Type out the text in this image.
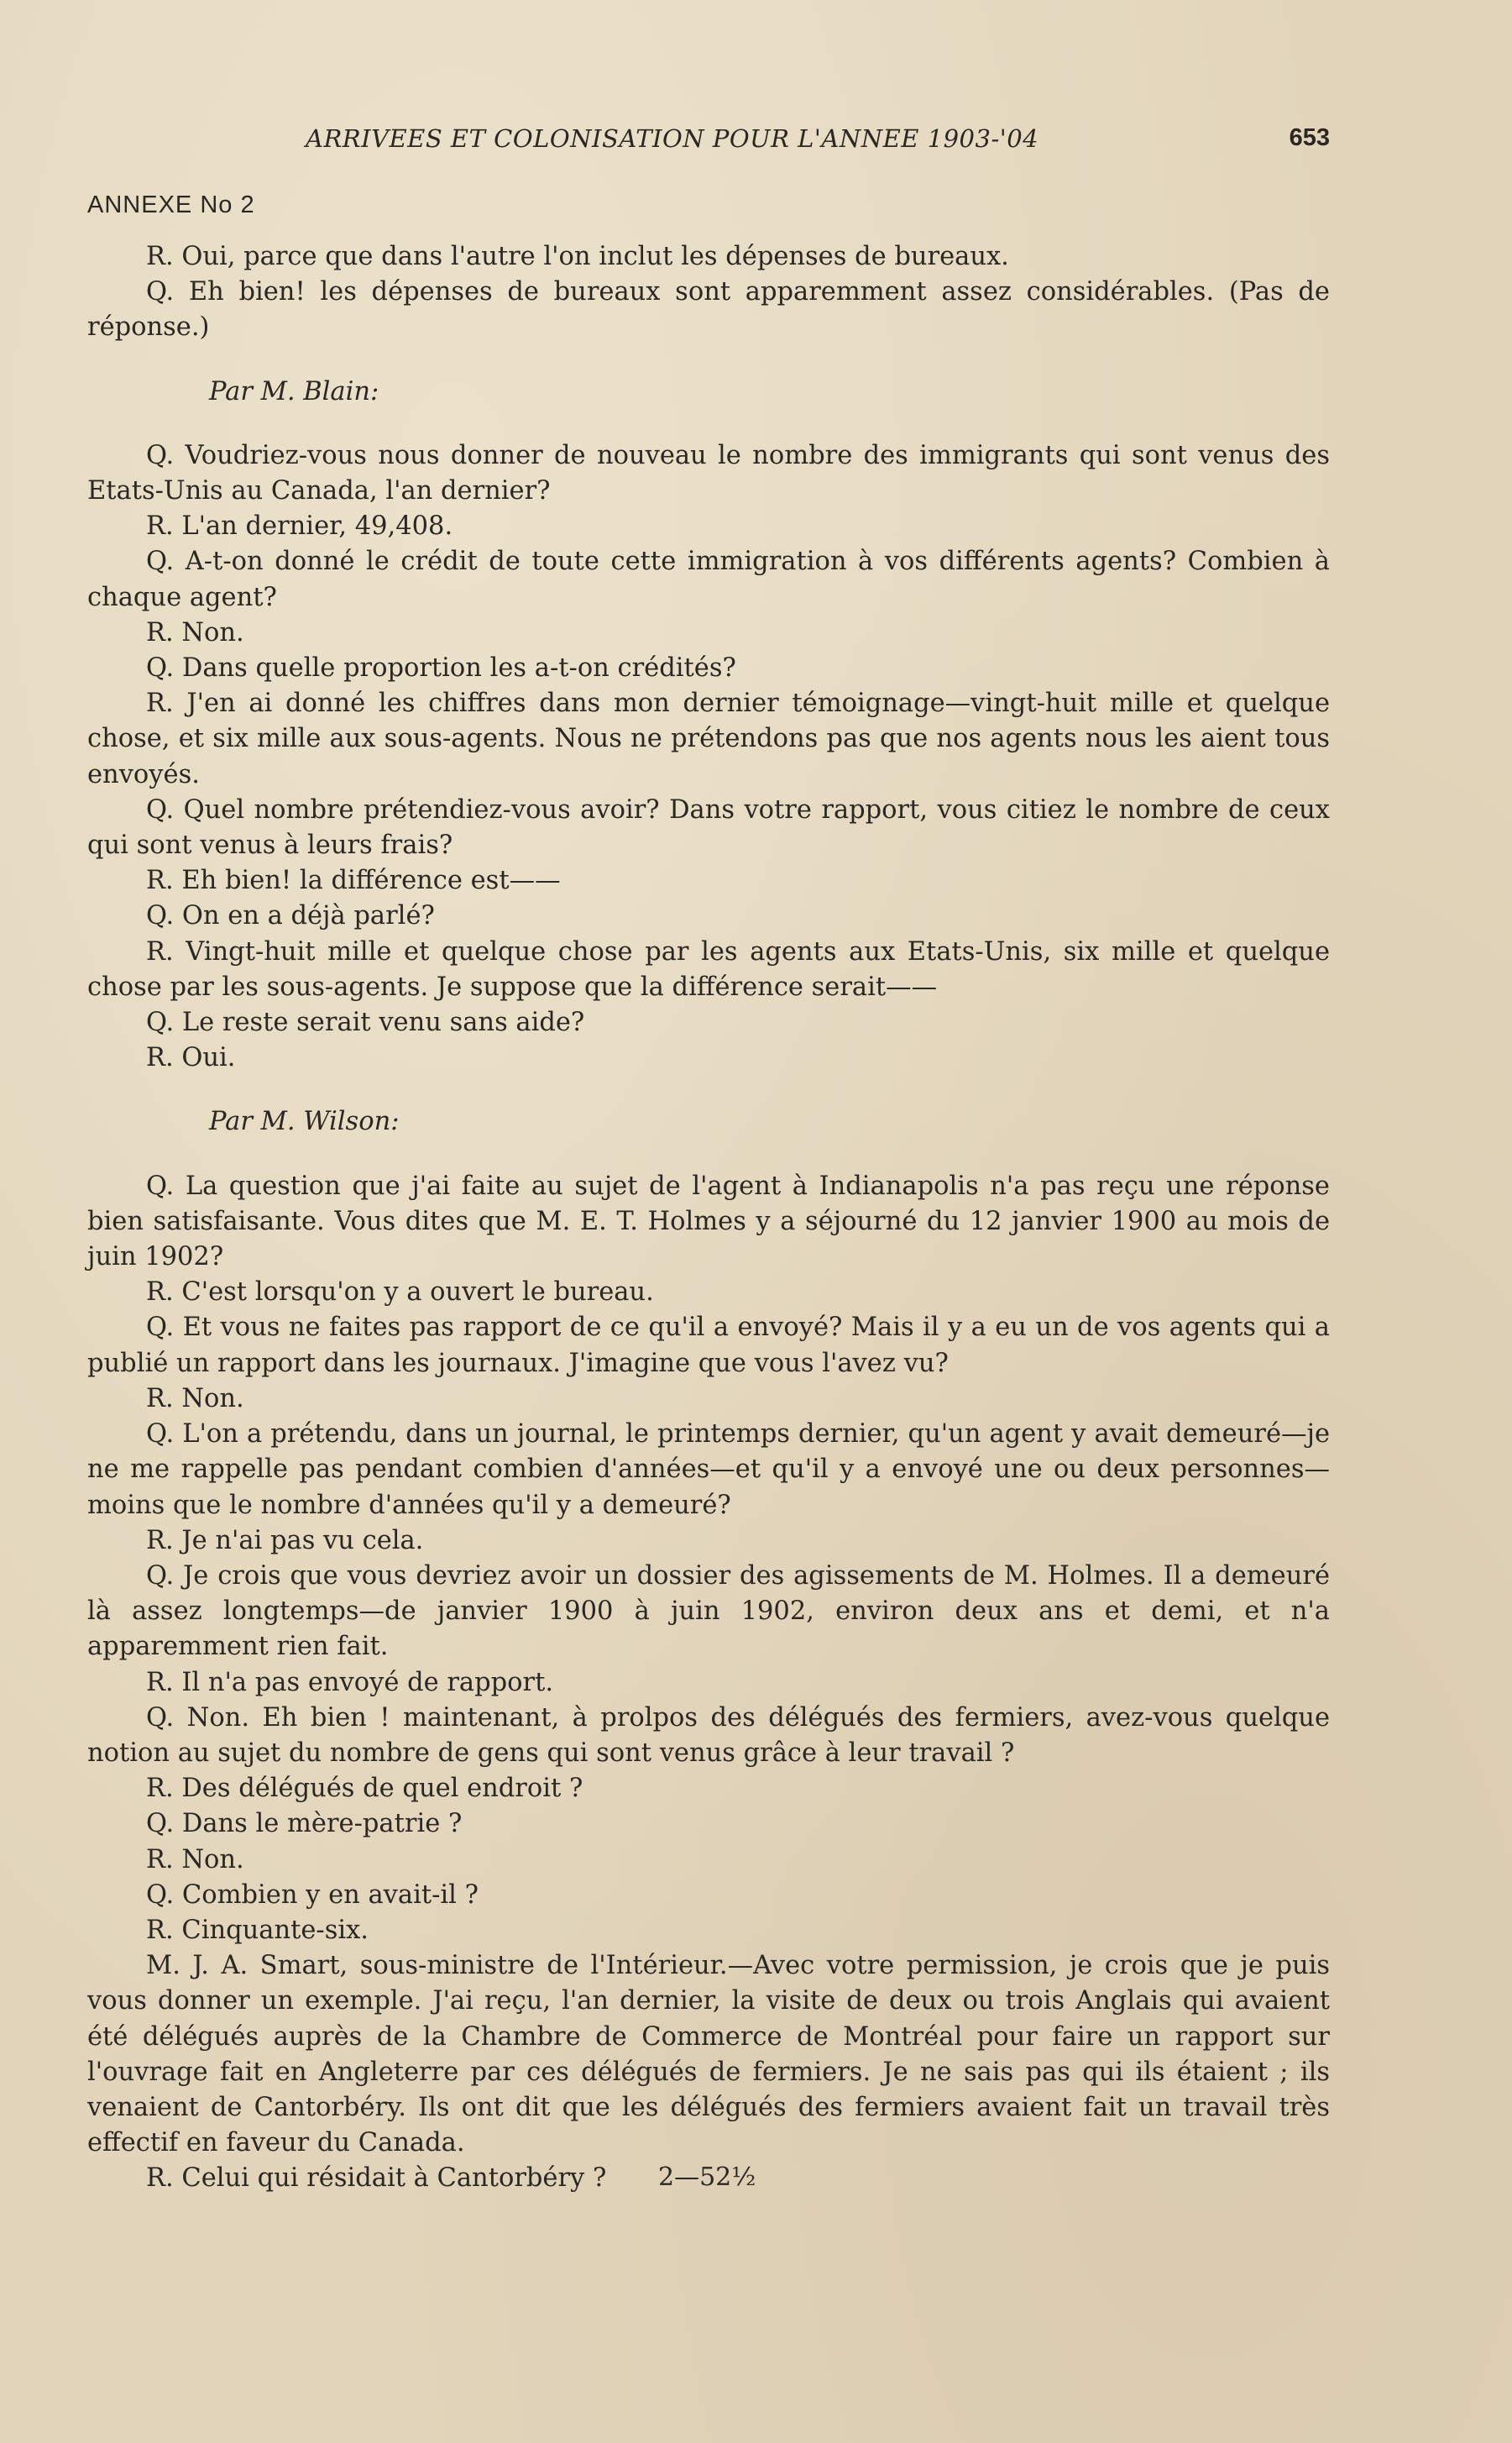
ARRIVEES ET COLONISATION POUR L'ANNEE 1903-'04	653
ANNEXE No 2

R. Oui, parce que dans l'autre l'on inclut les dépenses de bureaux.

Q. Eh bien! les dépenses de bureaux sont apparemment assez considérables. (Pas de réponse.)

Par M. Blain:

Q. Voudriez-vous nous donner de nouveau le nombre des immigrants qui sont venus des Etats-Unis au Canada, l'an dernier?

R. L'an dernier, 49,408.

Q. A-t-on donné le crédit de toute cette immigration à vos différents agents? Combien à chaque agent?

R. Non.

Q. Dans quelle proportion les a-t-on crédités?

R. J'en ai donné les chiffres dans mon dernier témoignage—vingt-huit mille et quelque chose, et six mille aux sous-agents. Nous ne prétendons pas que nos agents nous les aient tous envoyés.

Q. Quel nombre prétendiez-vous avoir? Dans votre rapport, vous citiez le nombre de ceux qui sont venus à leurs frais?

R. Eh bien! la différence est——

Q. On en a déjà parlé?

R. Vingt-huit mille et quelque chose par les agents aux Etats-Unis, six mille et quelque chose par les sous-agents. Je suppose que la différence serait——

Q. Le reste serait venu sans aide?

R. Oui.

Par M. Wilson:

Q. La question que j'ai faite au sujet de l'agent à Indianapolis n'a pas reçu une réponse bien satisfaisante. Vous dites que M. E. T. Holmes y a séjourné du 12 janvier 1900 au mois de juin 1902?

R. C'est lorsqu'on y a ouvert le bureau.

Q. Et vous ne faites pas rapport de ce qu'il a envoyé? Mais il y a eu un de vos agents qui a publié un rapport dans les journaux. J'imagine que vous l'avez vu?

R. Non.

Q. L'on a prétendu, dans un journal, le printemps dernier, qu'un agent y avait demeuré—je ne me rappelle pas pendant combien d'années—et qu'il y a envoyé une ou deux personnes—moins que le nombre d'années qu'il y a demeuré?

R. Je n'ai pas vu cela.

Q. Je crois que vous devriez avoir un dossier des agissements de M. Holmes. Il a demeuré là assez longtemps—de janvier 1900 à juin 1902, environ deux ans et demi, et n'a apparemment rien fait.

R. Il n'a pas envoyé de rapport.

Q. Non. Eh bien ! maintenant, à prolpos des délégués des fermiers, avez-vous quelque notion au sujet du nombre de gens qui sont venus grâce à leur travail ?

R. Des délégués de quel endroit ?

Q. Dans le mère-patrie ?

R. Non.

Q. Combien y en avait-il ?

R. Cinquante-six.

M. J. A. Smart, sous-ministre de l'Intérieur.—Avec votre permission, je crois que je puis vous donner un exemple. J'ai reçu, l'an dernier, la visite de deux ou trois Anglais qui avaient été délégués auprès de la Chambre de Commerce de Montréal pour faire un rapport sur l'ouvrage fait en Angleterre par ces délégués de fermiers. Je ne sais pas qui ils étaient ; ils venaient de Cantorbéry. Ils ont dit que les délégués des fermiers avaient fait un travail très effectif en faveur du Canada.

R. Celui qui résidait à Cantorbéry ?	2—52½
